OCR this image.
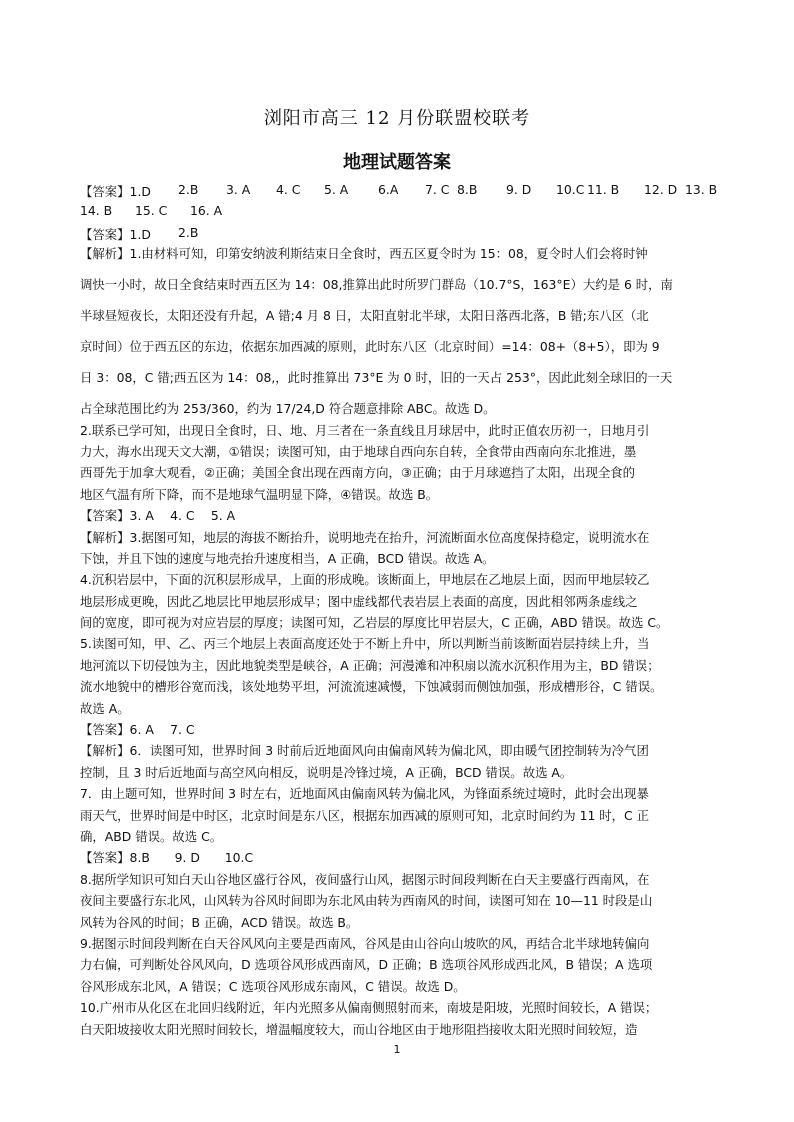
浏阳市高三 12 月份联盟校联考
地理试题答案
【答案】1.D 2.B 3. A 4. C 5. A 6.A 7. C 8.B 9. D 10.C 11. B 12. D 13. B
14. B 15. C 16. A
【答案】1.D 2.B
【解析】1.由材料可知，印第安纳波利斯结束日全食时，西五区夏令时为 15：08，夏令时人们会将时钟
调快一小时，故日全食结束时西五区为 14：08,推算出此时所罗门群岛（10.7°S，163°E）大约是 6 时，南
半球昼短夜长，太阳还没有升起，A 错;4 月 8 日，太阳直射北半球，太阳日落西北落，B 错;东八区（北
京时间）位于西五区的东边，依据东加西减的原则，此时东八区（北京时间）=14：08+（8+5），即为 9
日 3：08，C 错;西五区为 14：08,，此时推算出 73°E 为 0 时，旧的一天占 253°，因此此刻全球旧的一天
占全球范围比约为 253/360，约为 17/24,D 符合题意排除 ABC。故选 D。
2.联系已学可知，出现日全食时，日、地、月三者在一条直线且月球居中，此时正值农历初一，日地月引
力大，海水出现天文大潮，①错误；读图可知，由于地球自西向东自转，全食带由西南向东北推进，墨
西哥先于加拿大观看，②正确；美国全食出现在西南方向，③正确；由于月球遮挡了太阳，出现全食的
地区气温有所下降，而不是地球气温明显下降，④错误。故选 B。
【答案】3. A　 4. C　 5. A
【解析】3.据图可知，地层的海拔不断抬升，说明地壳在抬升，河流断面水位高度保持稳定，说明流水在
下蚀，并且下蚀的速度与地壳抬升速度相当，A 正确，BCD 错误。故选 A。
4.沉积岩层中，下面的沉积层形成早，上面的形成晚。该断面上，甲地层在乙地层上面，因而甲地层较乙
地层形成更晚，因此乙地层比甲地层形成早；图中虚线都代表岩层上表面的高度，因此相邻两条虚线之
间的宽度，即可视为对应岩层的厚度；读图可知，乙岩层的厚度比甲岩层大，C 正确，ABD 错误。故选 C。
5.读图可知，甲、乙、丙三个地层上表面高度还处于不断上升中，所以判断当前该断面岩层持续上升，当
地河流以下切侵蚀为主，因此地貌类型是峡谷，A 正确；河漫滩和冲积扇以流水沉积作用为主，BD 错误；
流水地貌中的槽形谷宽而浅，该处地势平坦，河流流速减慢，下蚀减弱而侧蚀加强，形成槽形谷，C 错误。
故选 A。
【答案】6. A　 7. C
【解析】6．读图可知，世界时间 3 时前后近地面风向由偏南风转为偏北风，即由暖气团控制转为冷气团
控制，且 3 时后近地面与高空风向相反，说明是冷锋过境，A 正确，BCD 错误。故选 A。
7．由上题可知，世界时间 3 时左右，近地面风由偏南风转为偏北风，为锋面系统过境时，此时会出现暴
雨天气，世界时间是中时区，北京时间是东八区，根据东加西减的原则可知，北京时间约为 11 时，C 正
确，ABD 错误。故选 C。
【答案】8.B　　9. D　　10.C
8.据所学知识可知白天山谷地区盛行谷风，夜间盛行山风，据图示时间段判断在白天主要盛行西南风，在
夜间主要盛行东北风，山风转为谷风时间即为东北风由转为西南风的时间，读图可知在 10—11 时段是山
风转为谷风的时间；B 正确，ACD 错误。故选 B。
9.据图示时间段判断在白天谷风风向主要是西南风，谷风是由山谷向山坡吹的风，再结合北半球地转偏向
力右偏，可判断处谷风风向，D 选项谷风形成西南风，D 正确；B 选项谷风形成西北风，B 错误；A 选项
谷风形成东北风，A 错误；C 选项谷风形成东南风，C 错误。故选 D。
10.广州市从化区在北回归线附近，年内光照多从偏南侧照射而来，南坡是阳坡，光照时间较长，A 错误；
白天阳坡接收太阳光照时间较长，增温幅度较大，而山谷地区由于地形阻挡接收太阳光照时间较短，造
1
